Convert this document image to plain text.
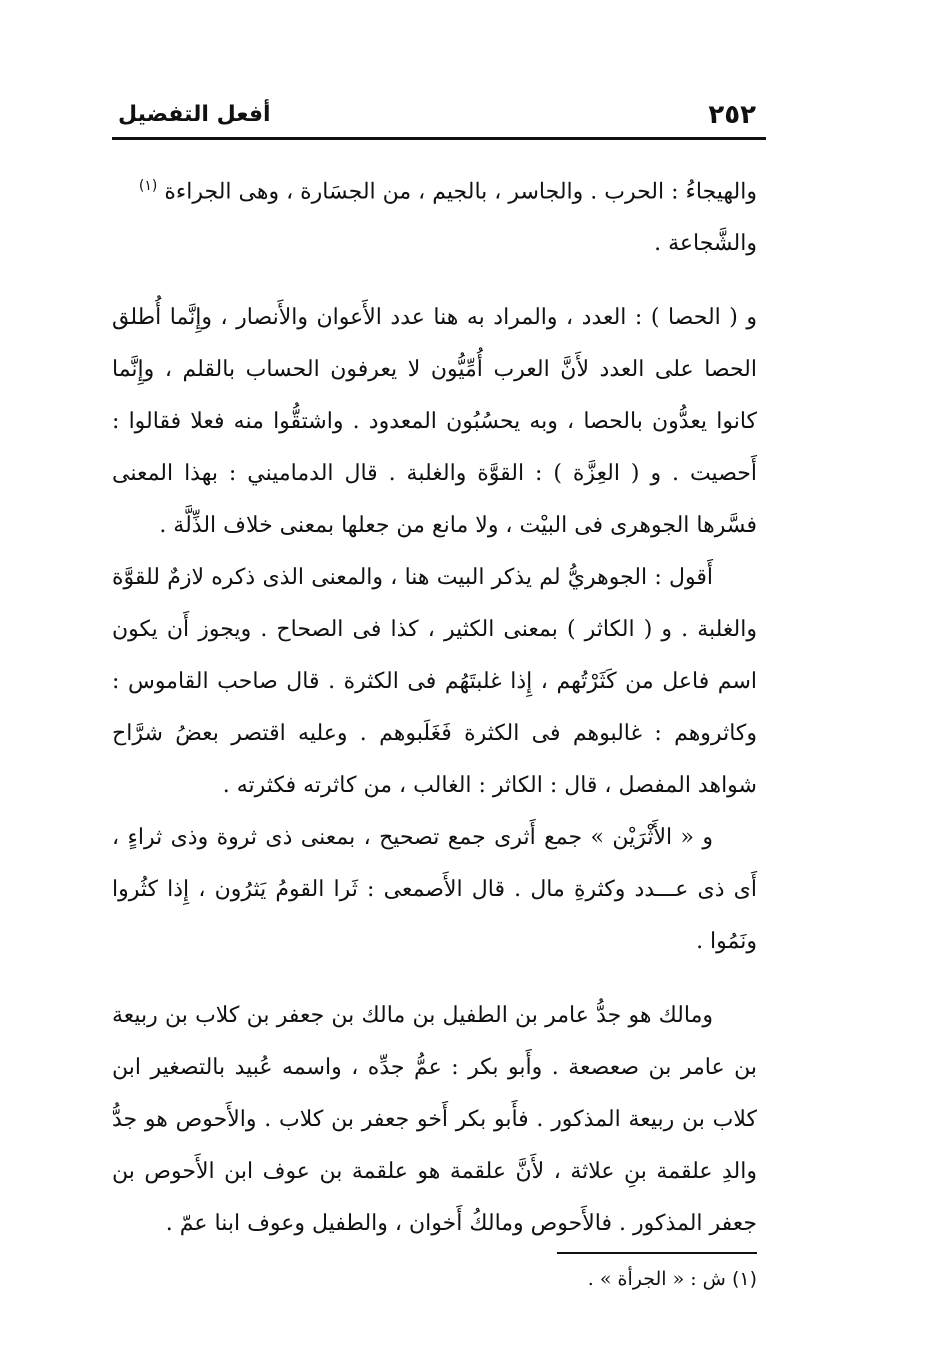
٢٥٢
أفعل التفضيل

والهيجاءُ : الحرب . والجاسر ، بالجيم ، من الجسَارة ، وهى الجراءة $^{(١)}$
والشَّجاعة .

و ( الحصا ) : العدد ، والمراد به هنا عدد الأَعوان والأَنصار ، وإِنَّما أُطلق الحصا على العدد لأَنَّ العرب أُمِّيُّون لا يعرفون الحساب بالقلم ، وإِنَّما كانوا يعدُّون بالحصا ، وبه يحسُبُون المعدود . واشتقُّوا منه فعلا فقالوا : أَحصيت . و ( العِزَّة ) : القوَّة والغلبة . قال الدماميني : بهذا المعنى فسَّرها الجوهرى فى البيْت ، ولا مانع من جعلها بمعنى خلاف الذِّلَّة .

أَقول : الجوهريُّ لم يذكر البيت هنا ، والمعنى الذى ذكره لازمٌ للقوَّة والغلبة . و ( الكاثر ) بمعنى الكثير ، كذا فى الصحاح . ويجوز أَن يكون اسم فاعل من كَثَرْتُهم ، إِذا غلبتَهُم فى الكثرة . قال صاحب القاموس : وكاثروهم : غالبوهم فى الكثرة فَغَلَبوهم . وعليه اقتصر بعضُ شرَّاح شواهد المفصل ، قال : الكاثر : الغالب ، من كاثرته فكثرته .

و « الأَثْرَيْن » جمع أَثرى جمع تصحيح ، بمعنى ذى ثروة وذى ثراءٍ ، أَى ذى عـــدد وكثرةِ مال . قال الأَصمعى : ثَرا القومُ يَثرُون ، إِذا كثُروا ونَمُوا .

ومالك هو جدُّ عامر بن الطفيل بن مالك بن جعفر بن كلاب بن ربيعة بن عامر بن صعصعة . وأَبو بكر : عمُّ جدِّه ، واسمه عُبيد بالتصغير ابن كلاب بن ربيعة المذكور . فأَبو بكر أَخو جعفر بن كلاب . والأَحوص هو جدُّ والدِ علقمة بنِ علاثة ، لأَنَّ علقمة هو علقمة بن عوف ابن الأَحوص بن جعفر المذكور . فالأَحوص ومالكُ أَخوان ، والطفيل وعوف ابنا عمّ .

(١) ش : « الجرأة » .
